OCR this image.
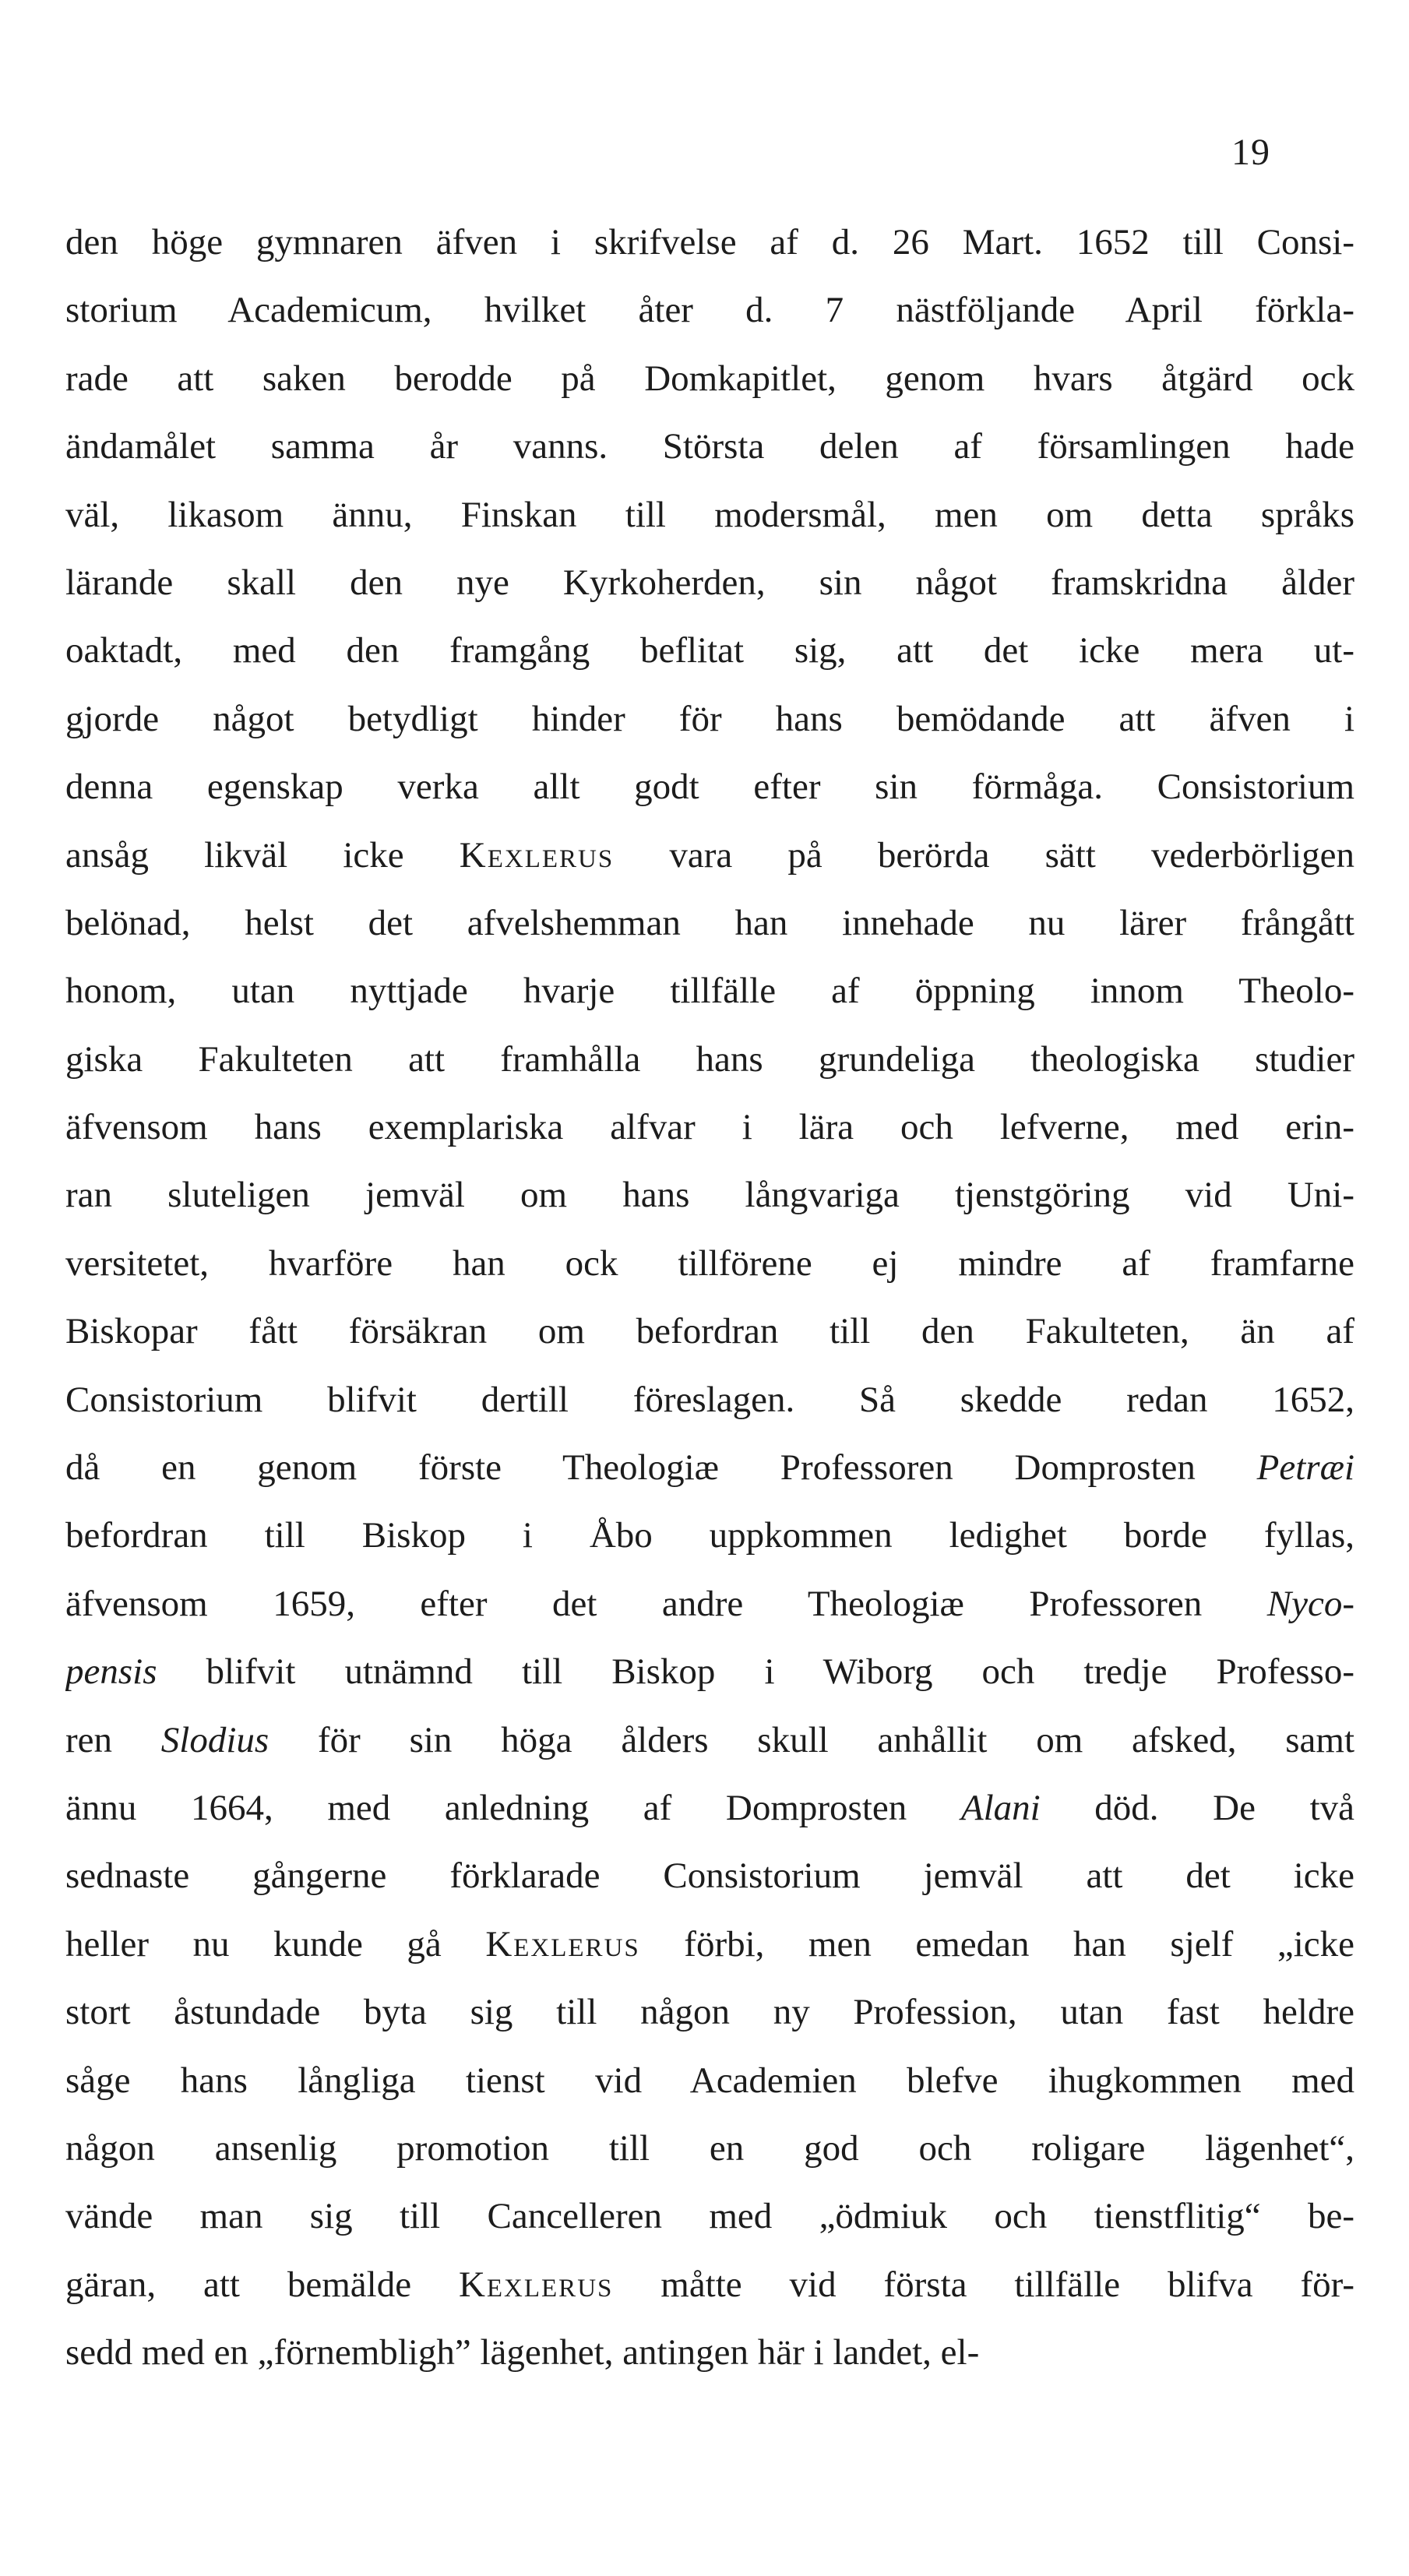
19
den höge gymnaren äfven i skrifvelse af d. 26 Mart. 1652 till Consi-
storium Academicum, hvilket åter d. 7 nästföljande April förkla-
rade att saken berodde på Domkapitlet, genom hvars åtgärd ock
ändamålet samma år vanns. Största delen af församlingen hade
väl, likasom ännu, Finskan till modersmål, men om detta språks
lärande skall den nye Kyrkoherden, sin något framskridna ålder
oaktadt, med den framgång beflitat sig, att det icke mera ut-
gjorde något betydligt hinder för hans bemödande att äfven i
denna egenskap verka allt godt efter sin förmåga. Consistorium
ansåg likväl icke Kexlerus vara på berörda sätt vederbörligen
belönad, helst det afvelshemman han innehade nu lärer frångått
honom, utan nyttjade hvarje tillfälle af öppning innom Theolo-
giska Fakulteten att framhålla hans grundeliga theologiska studier
äfvensom hans exemplariska alfvar i lära och lefverne, med erin-
ran sluteligen jemväl om hans långvariga tjenstgöring vid Uni-
versitetet, hvarföre han ock tillförene ej mindre af framfarne
Biskopar fått försäkran om befordran till den Fakulteten, än af
Consistorium blifvit dertill föreslagen. Så skedde redan 1652,
då en genom förste Theologiæ Professoren Domprosten Petræi
befordran till Biskop i Åbo uppkommen ledighet borde fyllas,
äfvensom 1659, efter det andre Theologiæ Professoren Nyco-
pensis blifvit utnämnd till Biskop i Wiborg och tredje Professo-
ren Slodius för sin höga ålders skull anhållit om afsked, samt
ännu 1664, med anledning af Domprosten Alani död. De två
sednaste gångerne förklarade Consistorium jemväl att det icke
heller nu kunde gå Kexlerus förbi, men emedan han sjelf „icke
stort åstundade byta sig till någon ny Profession, utan fast heldre
såge hans långliga tienst vid Academien blefve ihugkommen med
någon ansenlig promotion till en god och roligare lägenhet“,
vände man sig till Cancelleren med „ödmiuk och tienstflitig“ be-
gäran, att bemälde Kexlerus måtte vid första tillfälle blifva för-
sedd med en „förnemblighˮ lägenhet, antingen här i landet, el-
